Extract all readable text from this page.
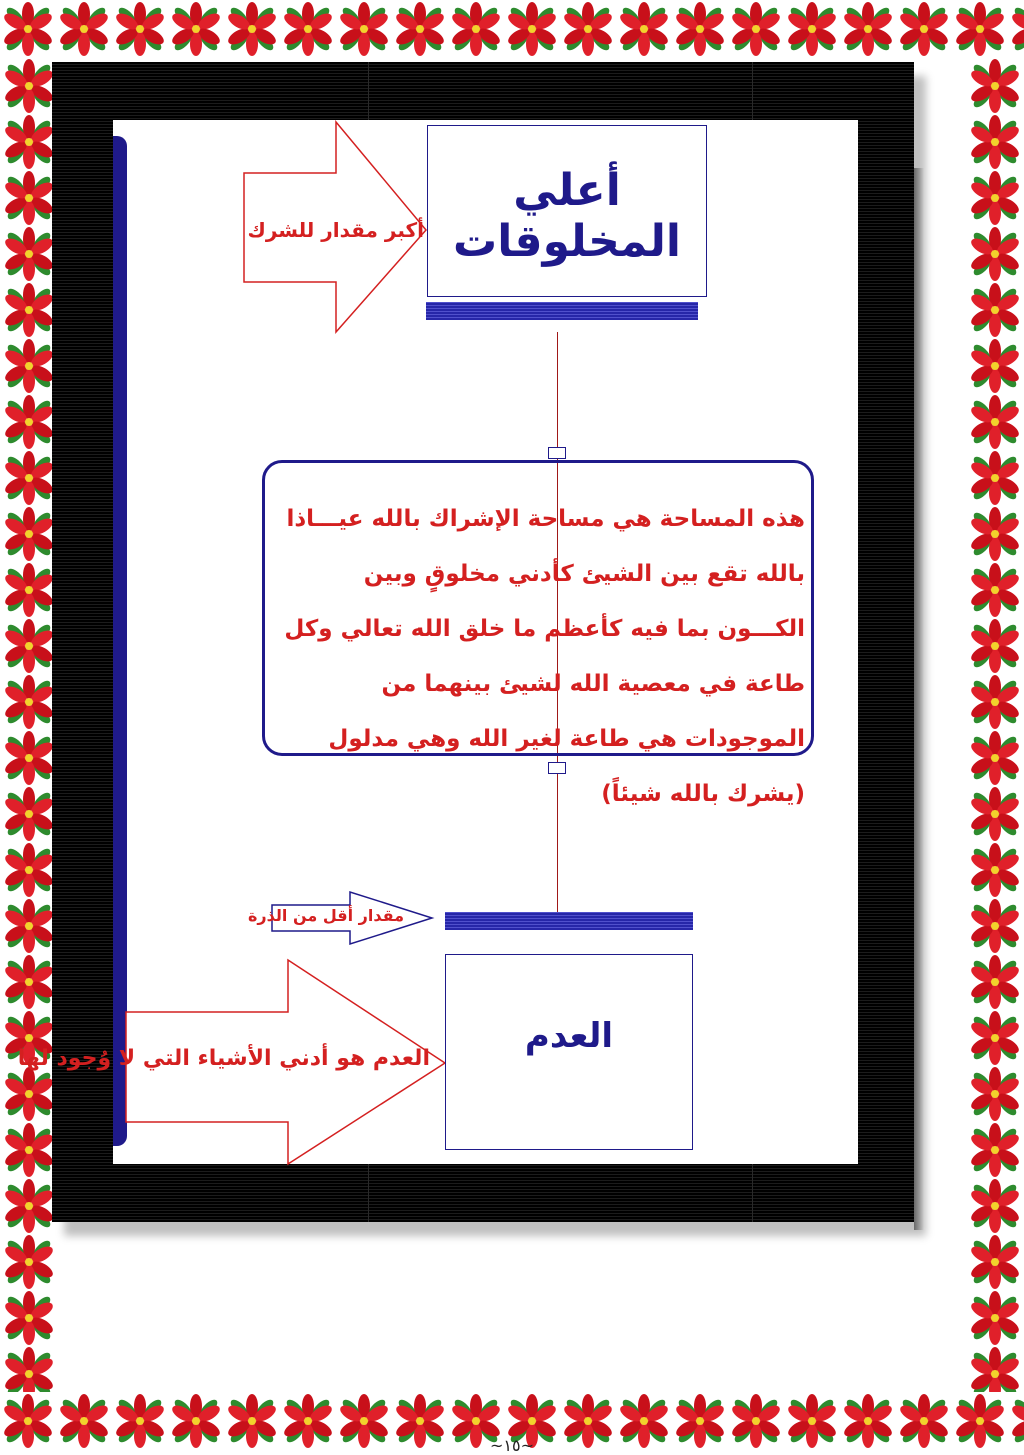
أعلي المخلوقات
أكبر مقدار للشرك
هذه المساحة هي مساحة الإشراك بالله عيـــاذا بالله تقع بين الشيئ كأدني مخلوقٍ وبين الكـــون بما فيه كأعظم ما خلق الله تعالي وكل طاعة في معصية الله لشيئ بينهما من الموجودات هي طاعة لغير الله وهي مدلول (يشرك بالله شيئاً)
مقدار أقل من الذرة
العدم
العدم هو أدني الأشياء التي لا وُجود لها
~١٥~
